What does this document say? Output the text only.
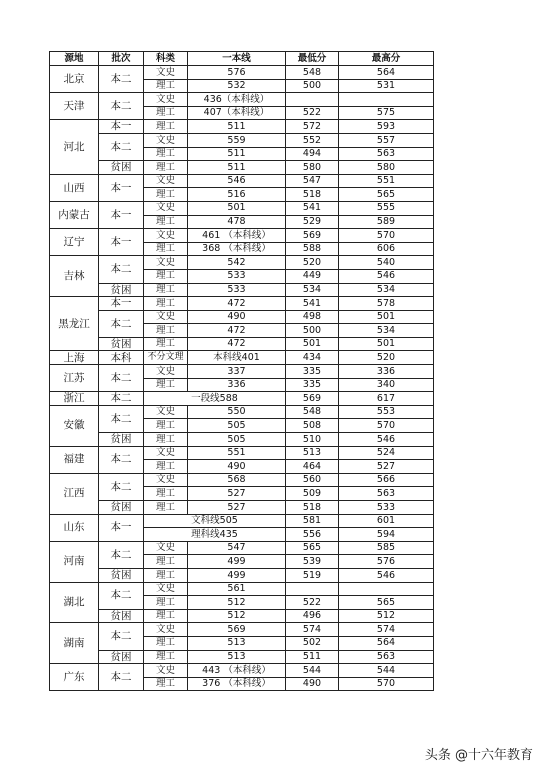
源地	批次	科类	一本线	最低分	最高分
北京	本二	文史	576	548	564
		理工	532	500	531
天津	本二	文史	436（本科线）		
		理工	407（本科线）	522	575
河北	本一	理工	511	572	593
	本二	文史	559	552	557
		理工	511	494	563
	贫困	理工	511	580	580
山西	本一	文史	546	547	551
		理工	516	518	565
内蒙古	本一	文史	501	541	555
		理工	478	529	589
辽宁	本一	文史	461 （本科线）	569	570
		理工	368 （本科线）	588	606
吉林	本二	文史	542	520	540
		理工	533	449	546
	贫困	理工	533	534	534
黑龙江	本一	理工	472	541	578
	本二	文史	490	498	501
		理工	472	500	534
	贫困	理工	472	501	501
上海	本科	不分文理	本科线401	434	520
江苏	本二	文史	337	335	336
		理工	336	335	340
浙江	本二	一段线588		569	617
安徽	本二	文史	550	548	553
		理工	505	508	570
	贫困	理工	505	510	546
福建	本二	文史	551	513	524
		理工	490	464	527
江西	本二	文史	568	560	566
		理工	527	509	563
	贫困	理工	527	518	533
山东	本一	文科线505		581	601
		理科线435		556	594
河南	本二	文史	547	565	585
		理工	499	539	576
	贫困	理工	499	519	546
湖北	本二	文史	561		
		理工	512	522	565
	贫困	理工	512	496	512
湖南	本二	文史	569	574	574
		理工	513	502	564
	贫困	理工	513	511	563
广东	本二	文史	443 （本科线）	544	544
		理工	376 （本科线）	490	570
头条 @十六年教育
